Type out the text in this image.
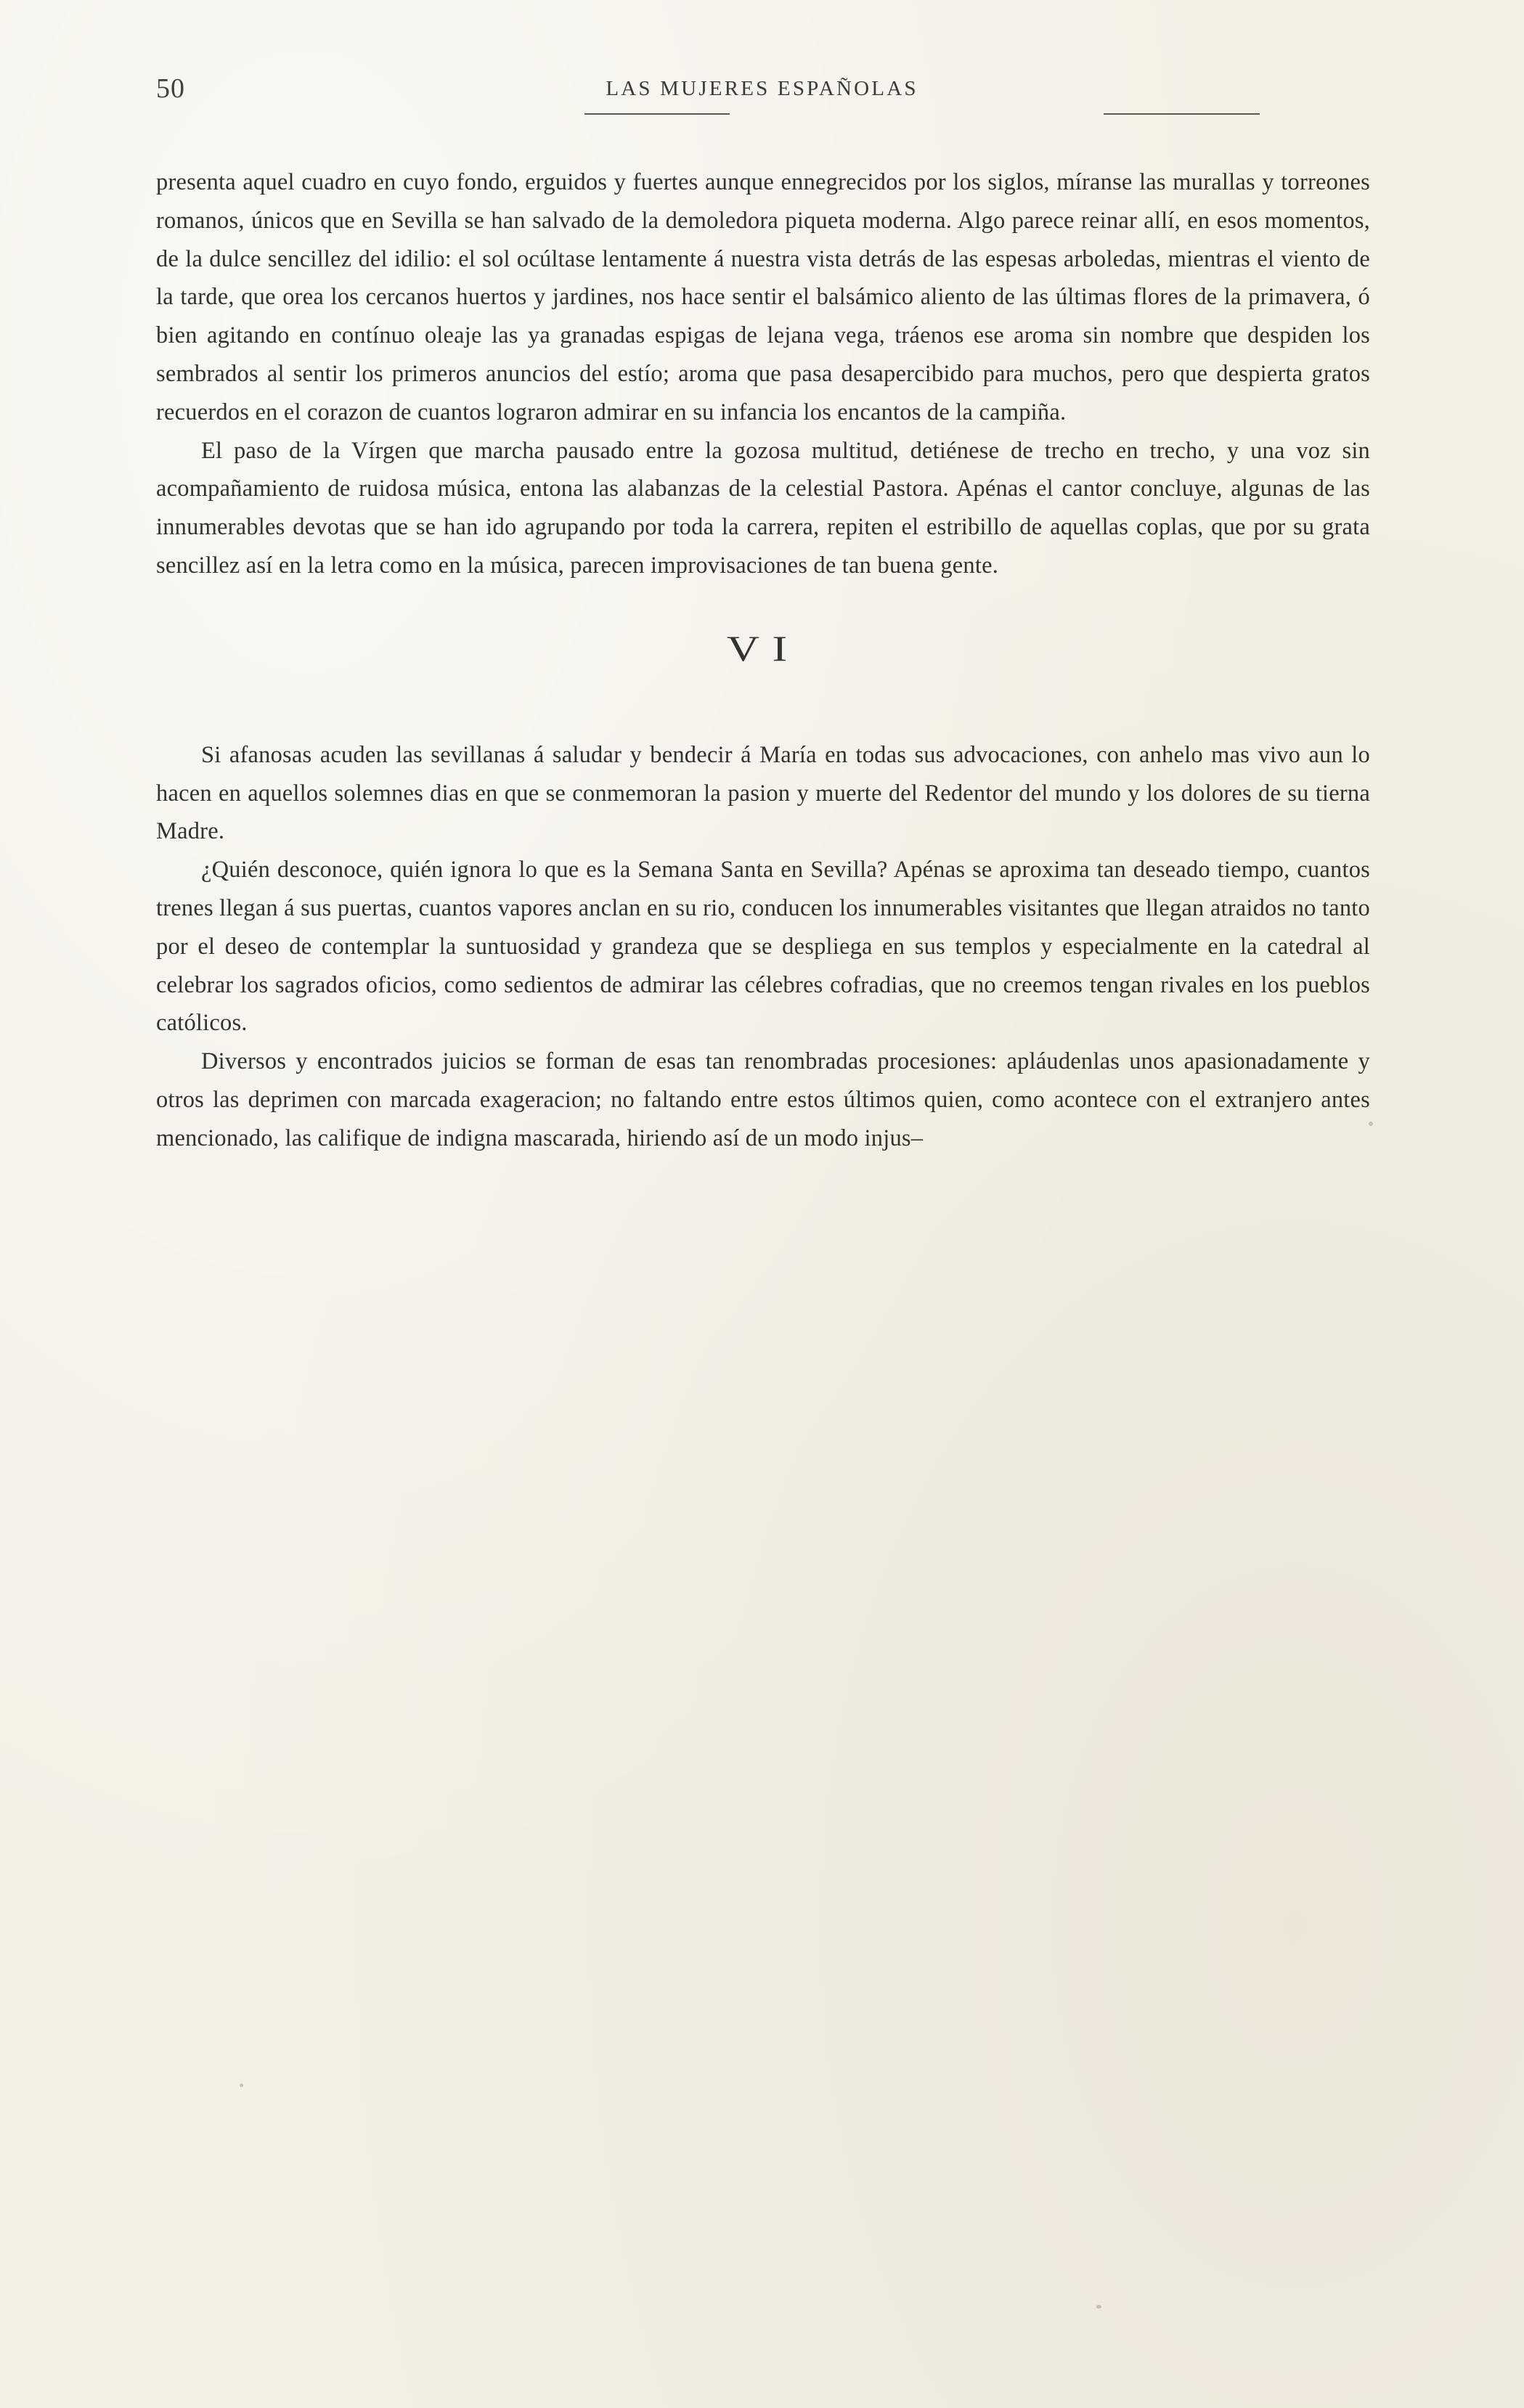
50	LAS MUJERES ESPAÑOLAS

presenta aquel cuadro en cuyo fondo, erguidos y fuertes aunque ennegrecidos por los siglos, míranse las murallas y torreones romanos, únicos que en Sevilla se han salvado de la demoledora piqueta moderna. Algo parece reinar allí, en esos momentos, de la dulce sencillez del idilio: el sol ocúltase lentamente á nuestra vista detrás de las espesas arboledas, mientras el viento de la tarde, que orea los cercanos huertos y jardines, nos hace sentir el balsámico aliento de las últimas flores de la primavera, ó bien agitando en contínuo oleaje las ya granadas espigas de lejana vega, tráenos ese aroma sin nombre que despiden los sembrados al sentir los primeros anuncios del estío; aroma que pasa desapercibido para muchos, pero que despierta gratos recuerdos en el corazon de cuantos lograron admirar en su infancia los encantos de la campiña.

El paso de la Vírgen que marcha pausado entre la gozosa multitud, detiénese de trecho en trecho, y una voz sin acompañamiento de ruidosa música, entona las alabanzas de la celestial Pastora. Apénas el cantor concluye, algunas de las innumerables devotas que se han ido agrupando por toda la carrera, repiten el estribillo de aquellas coplas, que por su grata sencillez así en la letra como en la música, parecen improvisaciones de tan buena gente.

VI

Si afanosas acuden las sevillanas á saludar y bendecir á María en todas sus advocaciones, con anhelo mas vivo aun lo hacen en aquellos solemnes dias en que se conmemoran la pasion y muerte del Redentor del mundo y los dolores de su tierna Madre.

¿Quién desconoce, quién ignora lo que es la Semana Santa en Sevilla? Apénas se aproxima tan deseado tiempo, cuantos trenes llegan á sus puertas, cuantos vapores anclan en su rio, conducen los innumerables visitantes que llegan atraidos no tanto por el deseo de contemplar la suntuosidad y grandeza que se despliega en sus templos y especialmente en la catedral al celebrar los sagrados oficios, como sedientos de admirar las célebres cofradias, que no creemos tengan rivales en los pueblos católicos.

Diversos y encontrados juicios se forman de esas tan renombradas procesiones: apláudenlas unos apasionadamente y otros las deprimen con marcada exageracion; no faltando entre estos últimos quien, como acontece con el extranjero antes mencionado, las califique de indigna mascarada, hiriendo así de un modo injus–
